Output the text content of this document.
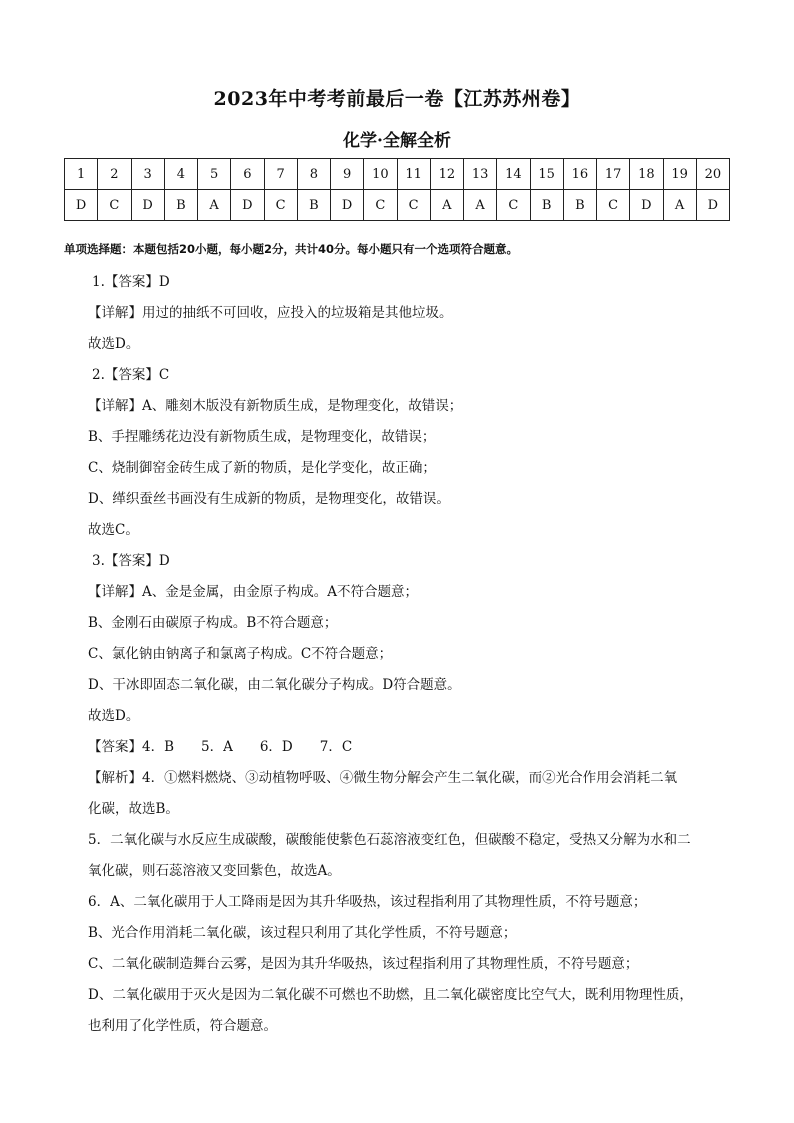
2023年中考考前最后一卷【江苏苏州卷】
化学·全解全析
1	2	3	4	5	6	7	8	9	10	11	12	13	14	15	16	17	18	19	20
D	C	D	B	A	D	C	B	D	C	C	A	A	C	B	B	C	D	A	D
单项选择题：本题包括20小题，每小题2分，共计40分。每小题只有一个选项符合题意。
1.【答案】D
【详解】用过的抽纸不可回收，应投入的垃圾箱是其他垃圾。
故选D。
2.【答案】C
【详解】A、雕刻木版没有新物质生成，是物理变化，故错误；
B、手捏雕绣花边没有新物质生成，是物理变化，故错误；
C、烧制御窑金砖生成了新的物质，是化学变化，故正确；
D、缂织蚕丝书画没有生成新的物质，是物理变化，故错误。
故选C。
3.【答案】D
【详解】A、金是金属，由金原子构成。A不符合题意；
B、金刚石由碳原子构成。B不符合题意；
C、氯化钠由钠离子和氯离子构成。C不符合题意；
D、干冰即固态二氧化碳，由二氧化碳分子构成。D符合题意。
故选D。
【答案】4．B　　5．A　　6．D　　7．C
【解析】4．①燃料燃烧、③动植物呼吸、④微生物分解会产生二氧化碳，而②光合作用会消耗二氧
化碳，故选B。
5．二氧化碳与水反应生成碳酸，碳酸能使紫色石蕊溶液变红色，但碳酸不稳定，受热又分解为水和二
氧化碳，则石蕊溶液又变回紫色，故选A。
6．A、二氧化碳用于人工降雨是因为其升华吸热，该过程指利用了其物理性质，不符号题意；
B、光合作用消耗二氧化碳，该过程只利用了其化学性质，不符号题意；
C、二氧化碳制造舞台云雾，是因为其升华吸热，该过程指利用了其物理性质，不符号题意；
D、二氧化碳用于灭火是因为二氧化碳不可燃也不助燃，且二氧化碳密度比空气大，既利用物理性质，
也利用了化学性质，符合题意。
